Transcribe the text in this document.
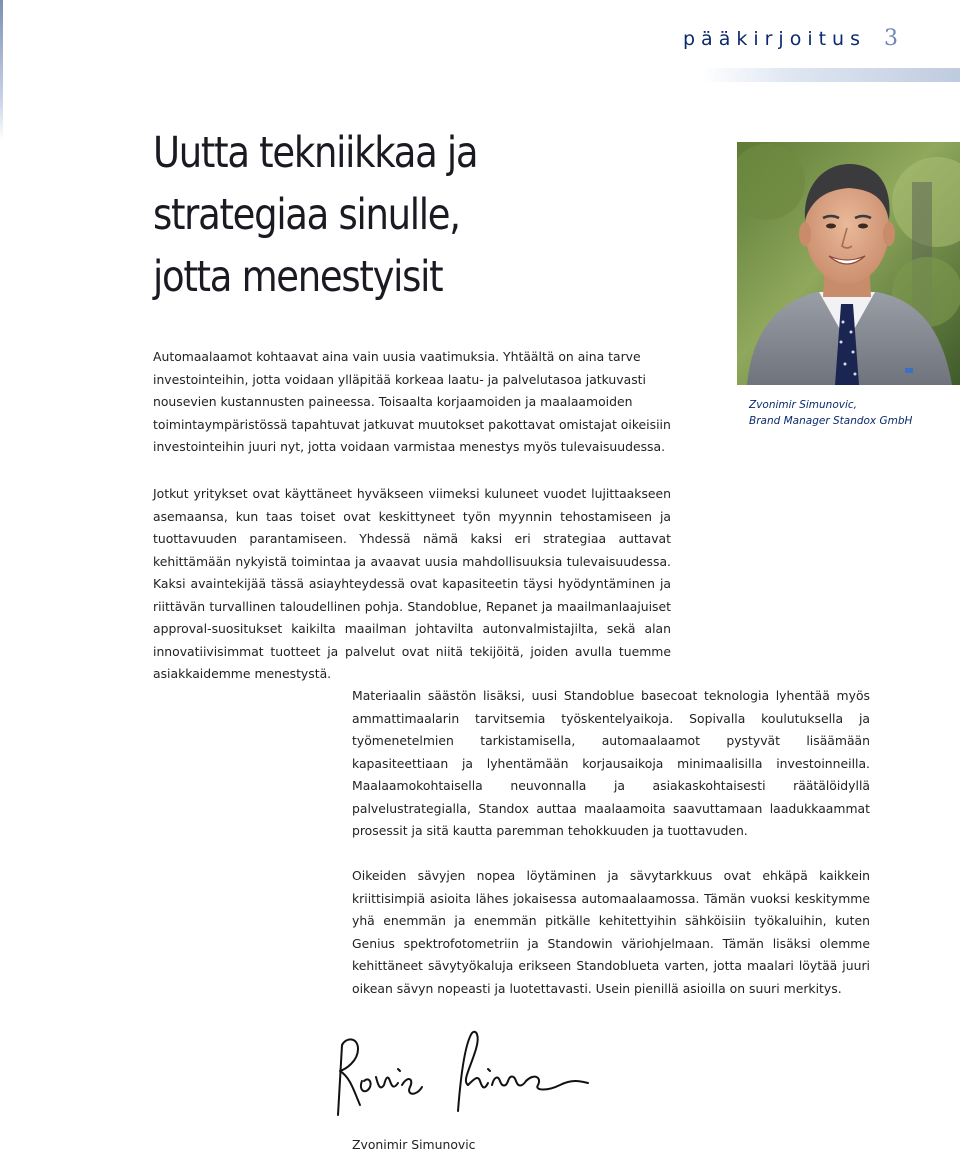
pääkirjoitus 3
Uutta tekniikkaa ja
strategiaa sinulle,
jotta menestyisit
Zvonimir Simunovic,
Brand Manager Standox GmbH

Automaalaamot kohtaavat aina vain uusia vaatimuksia. Yhtäältä on aina tarve investointeihin, jotta voidaan ylläpitää korkeaa laatu- ja palvelutasoa jatkuvasti nousevien kustannusten paineessa. Toisaalta korjaamoiden ja maalaamoiden toimintaympäristössä tapahtuvat jatkuvat muutokset pakottavat omistajat oikeisiin investointeihin juuri nyt, jotta voidaan varmistaa menestys myös tulevaisuudessa.

Jotkut yritykset ovat käyttäneet hyväkseen viimeksi kuluneet vuodet lujittaakseen asemaansa, kun taas toiset ovat keskittyneet työn myynnin tehostamiseen ja tuottavuuden parantamiseen. Yhdessä nämä kaksi eri strategiaa auttavat kehittämään nykyistä toimintaa ja avaavat uusia mahdollisuuksia tulevaisuudessa. Kaksi avaintekijää tässä asiayhteydessä ovat kapasiteetin täysi hyödyntäminen ja riittävän turvallinen taloudellinen pohja. Standoblue, Repanet ja maailmanlaajuiset approval-suositukset kaikilta maailman johtavilta autonvalmistajilta, sekä alan innovatiivisimmat tuotteet ja palvelut ovat niitä tekijöitä, joiden avulla tuemme asiakkaidemme menestystä.

Materiaalin säästön lisäksi, uusi Standoblue basecoat teknologia lyhentää myös ammattimaalarin tarvitsemia työskentelyaikoja. Sopivalla koulutuksella ja työmenetelmien tarkistamisella, automaalaamot pystyvät lisäämään kapasiteettiaan ja lyhentämään korjausaikoja minimaalisilla investoinneilla. Maalaamokohtaisella neuvonnalla ja asiakaskohtaisesti räätälöidyllä palvelustrategialla, Standox auttaa maalaamoita saavuttamaan laadukkaammat prosessit ja sitä kautta paremman tehokkuuden ja tuottavuden.

Oikeiden sävyjen nopea löytäminen ja sävytarkkuus ovat ehkäpä kaikkein kriittisimpiä asioita lähes jokaisessa automaalaamossa. Tämän vuoksi keskitymme yhä enemmän ja enemmän pitkälle kehitettyihin sähköisiin työkaluihin, kuten Genius spektrofotometriin ja Standowin väriohjelmaan. Tämän lisäksi olemme kehittäneet sävytyökaluja erikseen Standoblueta varten, jotta maalari löytää juuri oikean sävyn nopeasti ja luotettavasti. Usein pienillä asioilla on suuri merkitys.

Zvonimir Simunovic
